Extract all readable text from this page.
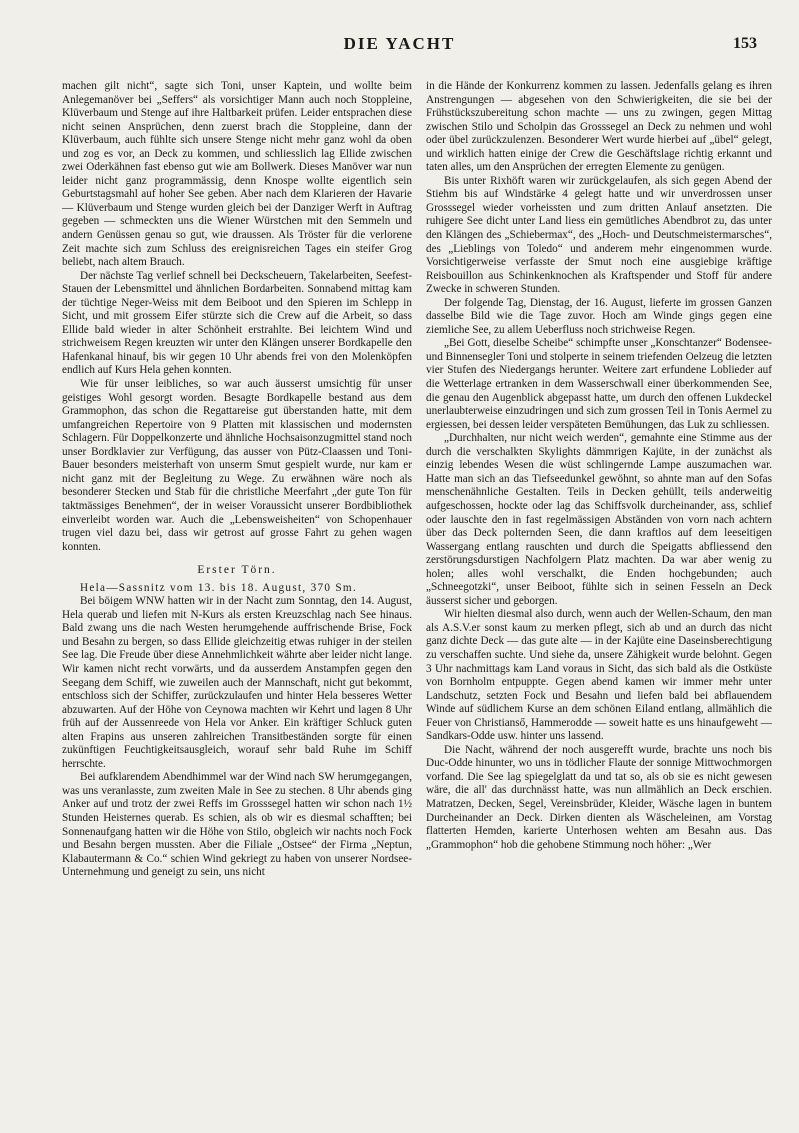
DIE YACHT	153

machen gilt nicht“, sagte sich Toni, unser Kaptein, und wollte beim Anlegemanöver bei „Seffers“ als vorsichtiger Mann auch noch Stoppleine, Klüverbaum und Stenge auf ihre Haltbarkeit prüfen. Leider entsprachen diese nicht seinen Ansprüchen, denn zuerst brach die Stoppleine, dann der Klüverbaum, auch fühlte sich unsere Stenge nicht mehr ganz wohl da oben und zog es vor, an Deck zu kommen, und schliesslich lag Ellide zwischen zwei Oderkähnen fast ebenso gut wie am Bollwerk. Dieses Manöver war nun leider nicht ganz programmässig, denn Knospe wollte eigentlich sein Geburtstagsmahl auf hoher See geben. Aber nach dem Klarieren der Havarie — Klüverbaum und Stenge wurden gleich bei der Danziger Werft in Auftrag gegeben — schmeckten uns die Wiener Würstchen mit den Semmeln und andern Genüssen genau so gut, wie draussen. Als Tröster für die verlorene Zeit machte sich zum Schluss des ereignisreichen Tages ein steifer Grog beliebt, nach altem Brauch.

Der nächste Tag verlief schnell bei Deckscheuern, Takelarbeiten, Seefest-Stauen der Lebensmittel und ähnlichen Bordarbeiten. Sonnabend mittag kam der tüchtige Neger-Weiss mit dem Beiboot und den Spieren im Schlepp in Sicht, und mit grossem Eifer stürzte sich die Crew auf die Arbeit, so dass Ellide bald wieder in alter Schönheit erstrahlte. Bei leichtem Wind und strichweisem Regen kreuzten wir unter den Klängen unserer Bordkapelle den Hafenkanal hinauf, bis wir gegen 10 Uhr abends frei von den Molenköpfen endlich auf Kurs Hela gehen konnten.

Wie für unser leibliches, so war auch äusserst umsichtig für unser geistiges Wohl gesorgt worden. Besagte Bordkapelle bestand aus dem Grammophon, das schon die Regattareise gut überstanden hatte, mit dem umfangreichen Repertoire von 9 Platten mit klassischen und modernsten Schlagern. Für Doppelkonzerte und ähnliche Hochsaisonzugmittel stand noch unser Bordklavier zur Verfügung, das ausser von Pütz-Claassen und Toni-Bauer besonders meisterhaft von unserm Smut gespielt wurde, nur kam er nicht ganz mit der Begleitung zu Wege. Zu erwähnen wäre noch als besonderer Stecken und Stab für die christliche Meerfahrt „der gute Ton für taktmässiges Benehmen“, der in weiser Voraussicht unserer Bordbibliothek einverleibt worden war. Auch die „Lebensweisheiten“ von Schopenhauer trugen viel dazu bei, dass wir getrost auf grosse Fahrt zu gehen wagen konnten.

Erster Törn.

Hela—Sassnitz vom 13. bis 18. August, 370 Sm.

Bei böigem WNW hatten wir in der Nacht zum Sonntag, den 14. August, Hela querab und liefen mit N-Kurs als ersten Kreuzschlag nach See hinaus. Bald zwang uns die nach Westen herumgehende auffrischende Brise, Fock und Besahn zu bergen, so dass Ellide gleichzeitig etwas ruhiger in der steilen See lag. Die Freude über diese Annehmlichkeit währte aber leider nicht lange. Wir kamen nicht recht vorwärts, und da ausserdem Anstampfen gegen den Seegang dem Schiff, wie zuweilen auch der Mannschaft, nicht gut bekommt, entschloss sich der Schiffer, zurückzulaufen und hinter Hela besseres Wetter abzuwarten. Auf der Höhe von Ceynowa machten wir Kehrt und lagen 8 Uhr früh auf der Aussenreede von Hela vor Anker. Ein kräftiger Schluck guten alten Frapins aus unseren zahlreichen Transitbeständen sorgte für einen zukünftigen Feuchtigkeitsausgleich, worauf sehr bald Ruhe im Schiff herrschte.

Bei aufklarendem Abendhimmel war der Wind nach SW herumgegangen, was uns veranlasste, zum zweiten Male in See zu stechen. 8 Uhr abends ging Anker auf und trotz der zwei Reffs im Grosssegel hatten wir schon nach 1½ Stunden Heisternes querab. Es schien, als ob wir es diesmal schafften; bei Sonnenaufgang hatten wir die Höhe von Stilo, obgleich wir nachts noch Fock und Besahn bergen mussten. Aber die Filiale „Ostsee“ der Firma „Neptun, Klabautermann & Co.“ schien Wind gekriegt zu haben von unserer Nordsee-Unternehmung und geneigt zu sein, uns nicht

in die Hände der Konkurrenz kommen zu lassen. Jedenfalls gelang es ihren Anstrengungen — abgesehen von den Schwierigkeiten, die sie bei der Frühstückszubereitung schon machte — uns zu zwingen, gegen Mittag zwischen Stilo und Scholpin das Grosssegel an Deck zu nehmen und wohl oder übel zurückzulenzen. Besonderer Wert wurde hierbei auf „übel“ gelegt, und wirklich hatten einige der Crew die Geschäftslage richtig erkannt und taten alles, um den Ansprüchen der erregten Elemente zu genügen.

Bis unter Rixhöft waren wir zurückgelaufen, als sich gegen Abend der Stiehm bis auf Windstärke 4 gelegt hatte und wir unverdrossen unser Grosssegel wieder vorheissten und zum dritten Anlauf ansetzten. Die ruhigere See dicht unter Land liess ein gemütliches Abendbrot zu, das unter den Klängen des „Schiebermax“, des „Hoch- und Deutschmeistermarsches“, des „Lieblings von Toledo“ und anderem mehr eingenommen wurde. Vorsichtigerweise verfasste der Smut noch eine ausgiebige kräftige Reisbouillon aus Schinkenknochen als Kraftspender und Stoff für andere Zwecke in schweren Stunden.

Der folgende Tag, Dienstag, der 16. August, lieferte im grossen Ganzen dasselbe Bild wie die Tage zuvor. Hoch am Winde gings gegen eine ziemliche See, zu allem Ueberfluss noch strichweise Regen.

„Bei Gott, dieselbe Scheibe“ schimpfte unser „Konschtanzer“ Bodensee- und Binnensegler Toni und stolperte in seinem triefenden Oelzeug die letzten vier Stufen des Niedergangs herunter. Weitere zart erfundene Loblieder auf die Wetterlage ertranken in dem Wasserschwall einer überkommenden See, die genau den Augenblick abgepasst hatte, um durch den offenen Lukdeckel unerlaubterweise einzudringen und sich zum grossen Teil in Tonis Aermel zu ergiessen, bei dessen leider verspäteten Bemühungen, das Luk zu schliessen.

„Durchhalten, nur nicht weich werden“, gemahnte eine Stimme aus der durch die verschalkten Skylights dämmrigen Kajüte, in der zunächst als einzig lebendes Wesen die wüst schlingernde Lampe auszumachen war. Hatte man sich an das Tiefseedunkel gewöhnt, so ahnte man auf den Sofas menschenähnliche Gestalten. Teils in Decken gehüllt, teils anderweitig aufgeschossen, hockte oder lag das Schiffsvolk durcheinander, ass, schlief oder lauschte den in fast regelmässigen Abständen von vorn nach achtern über das Deck polternden Seen, die dann kraftlos auf dem leeseitigen Wassergang entlang rauschten und durch die Speigatts abfliessend den zerstörungsdurstigen Nachfolgern Platz machten. Da war aber wenig zu holen; alles wohl verschalkt, die Enden hochgebunden; auch „Schneegotzki“, unser Beiboot, fühlte sich in seinen Fesseln an Deck äusserst sicher und geborgen.

Wir hielten diesmal also durch, wenn auch der Wellen-Schaum, den man als A.S.V.er sonst kaum zu merken pflegt, sich ab und an durch das nicht ganz dichte Deck — das gute alte — in der Kajüte eine Daseinsberechtigung zu verschaffen suchte. Und siehe da, unsere Zähigkeit wurde belohnt. Gegen 3 Uhr nachmittags kam Land voraus in Sicht, das sich bald als die Ostküste von Bornholm entpuppte. Gegen abend kamen wir immer mehr unter Landschutz, setzten Fock und Besahn und liefen bald bei abflauendem Winde auf südlichem Kurse an dem schönen Eiland entlang, allmählich die Feuer von Christianső, Hammerodde — soweit hatte es uns hinaufgeweht — Sandkars-Odde usw. hinter uns lassend.

Die Nacht, während der noch ausgerefft wurde, brachte uns noch bis Duc-Odde hinunter, wo uns in tödlicher Flaute der sonnige Mittwochmorgen vorfand. Die See lag spiegelglatt da und tat so, als ob sie es nicht gewesen wäre, die all' das durchnässt hatte, was nun allmählich an Deck erschien. Matratzen, Decken, Segel, Vereinsbrüder, Kleider, Wäsche lagen in buntem Durcheinander an Deck. Dirken dienten als Wäscheleinen, am Vorstag flatterten Hemden, karierte Unterhosen wehten am Besahn aus. Das „Grammophon“ hob die gehobene Stimmung noch höher: „Wer
